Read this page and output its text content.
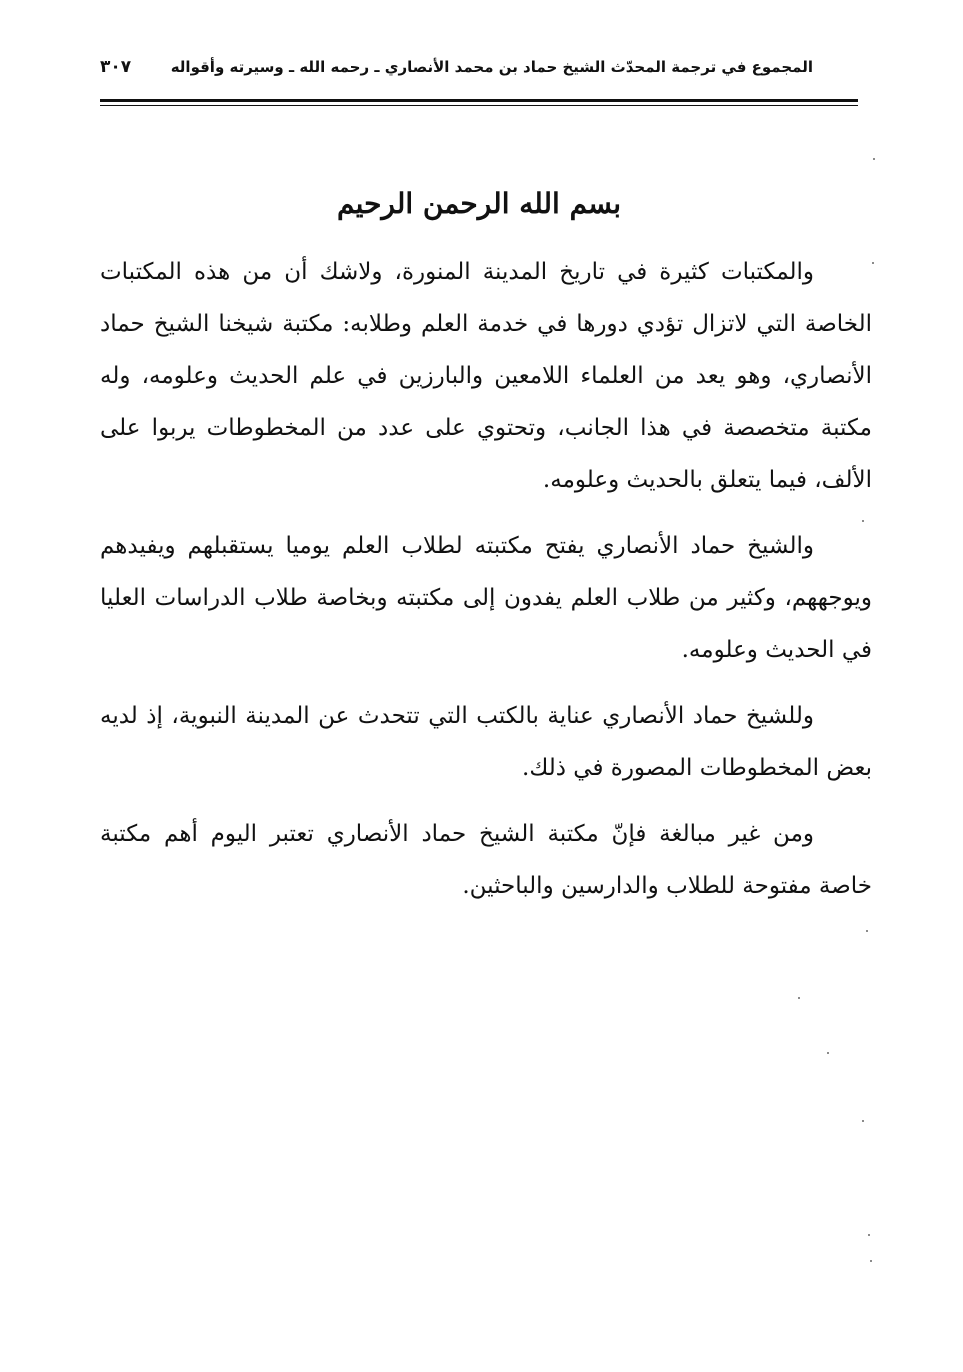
المجموع في ترجمة المحدّث الشيخ حماد بن محمد الأنصاري ـ رحمه الله ـ وسيرته وأقواله
٣٠٧
بسم الله الرحمن الرحيم

والمكتبات كثيرة في تاريخ المدينة المنورة، ولاشك أن من هذه المكتبات الخاصة التي لاتزال تؤدي دورها في خدمة العلم وطلابه: مكتبة شيخنا الشيخ حماد الأنصاري، وهو يعد من العلماء اللامعين والبارزين في علم الحديث وعلومه، وله مكتبة متخصصة في هذا الجانب، وتحتوي على عدد من المخطوطات يربوا على الألف، فيما يتعلق بالحديث وعلومه.

والشيخ حماد الأنصاري يفتح مكتبته لطلاب العلم يوميا يستقبلهم ويفيدهم ويوجههم، وكثير من طلاب العلم يفدون إلى مكتبته وبخاصة طلاب الدراسات العليا في الحديث وعلومه.

وللشيخ حماد الأنصاري عناية بالكتب التي تتحدث عن المدينة النبوية، إذ لديه بعض المخطوطات المصورة في ذلك.

ومن غير مبالغة فإنّ مكتبة الشيخ حماد الأنصاري تعتبر اليوم أهم مكتبة خاصة مفتوحة للطلاب والدارسين والباحثين.
